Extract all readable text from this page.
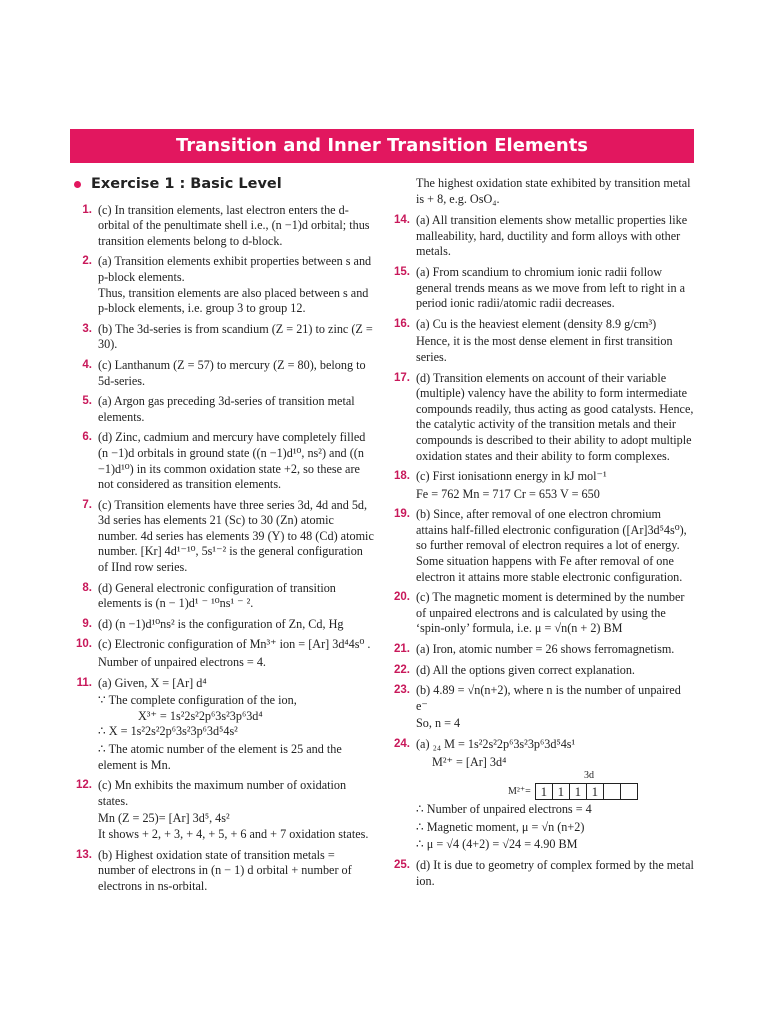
Transition and Inner Transition Elements
Exercise 1 : Basic Level
1. (c) In transition elements, last electron enters the d-orbital of the penultimate shell i.e., (n −1)d orbital; thus transition elements belong to d-block.
2. (a) Transition elements exhibit properties between s and p-block elements.
Thus, transition elements are also placed between s and p-block elements, i.e. group 3 to group 12.
3. (b) The 3d-series is from scandium (Z = 21) to zinc (Z = 30).
4. (c) Lanthanum (Z = 57) to mercury (Z = 80), belong to 5d-series.
5. (a) Argon gas preceding 3d-series of transition metal elements.
6. (d) Zinc, cadmium and mercury have completely filled (n −1)d orbitals in ground state ((n −1)d¹⁰, ns²) and ((n −1)d¹⁰) in its common oxidation state +2, so these are not considered as transition elements.
7. (c) Transition elements have three series 3d, 4d and 5d, 3d series has elements 21 (Sc) to 30 (Zn) atomic number. 4d series has elements 39 (Y) to 48 (Cd) atomic number. [Kr] 4d¹⁻¹⁰, 5s¹⁻² is the general configuration of IInd row series.
8. (d) General electronic configuration of transition elements is (n − 1)d¹ ⁻ ¹⁰ns¹ ⁻ ².
9. (d) (n −1)d¹⁰ns² is the configuration of Zn, Cd, Hg
10. (c) Electronic configuration of Mn³⁺ ion = [Ar] 3d⁴4s⁰ .
Number of unpaired electrons = 4.
11. (a) Given, X = [Ar] d⁴
∵ The complete configuration of the ion,
X³⁺ = 1s²2s²2p⁶3s²3p⁶3d⁴
∴ X = 1s²2s²2p⁶3s²3p⁶3d⁵4s²
∴ The atomic number of the element is 25 and the element is Mn.
12. (c) Mn exhibits the maximum number of oxidation states.
Mn (Z = 25)= [Ar] 3d⁵, 4s²
It shows + 2, + 3, + 4, + 5, + 6 and + 7 oxidation states.
13. (b) Highest oxidation state of transition metals = number of electrons in (n − 1) d orbital + number of electrons in ns-orbital.
The highest oxidation state exhibited by transition metal is + 8, e.g. OsO₄.
14. (a) All transition elements show metallic properties like malleability, hard, ductility and form alloys with other metals.
15. (a) From scandium to chromium ionic radii follow general trends means as we move from left to right in a period ionic radii/atomic radii decreases.
16. (a) Cu is the heaviest element (density 8.9 g/cm³)
Hence, it is the most dense element in first transition series.
17. (d) Transition elements on account of their variable (multiple) valency have the ability to form intermediate compounds readily, thus acting as good catalysts. Hence, the catalytic activity of the transition metals and their compounds is described to their ability to adopt multiple oxidation states and their ability to form complexes.
18. (c) First ionisationn energy in kJ mol⁻¹
Fe = 762 Mn = 717 Cr = 653 V = 650
19. (b) Since, after removal of one electron chromium attains half-filled electronic configuration ([Ar]3d⁵4s⁰), so further removal of electron requires a lot of energy. Some situation happens with Fe after removal of one electron it attains more stable electronic configuration.
20. (c) The magnetic moment is determined by the number of unpaired electrons and is calculated by using the ‘spin-only’ formula, i.e. μ = √n(n + 2) BM
21. (a) Iron, atomic number = 26 shows ferromagnetism.
22. (d) All the options given correct explanation.
23. (b) 4.89 = √n(n+2), where n is the number of unpaired e⁻
So, n = 4
24. (a) ₂₄ M = 1s²2s²2p⁶3s²3p⁶3d⁵4s¹
M²⁺ = [Ar] 3d⁴
3d
M²⁺= 1 1 1 1
∴ Number of unpaired electrons = 4
∴ Magnetic moment, μ = √n (n+2)
∴ μ = √4 (4+2) = √24 = 4.90 BM
25. (d) It is due to geometry of complex formed by the metal ion.
